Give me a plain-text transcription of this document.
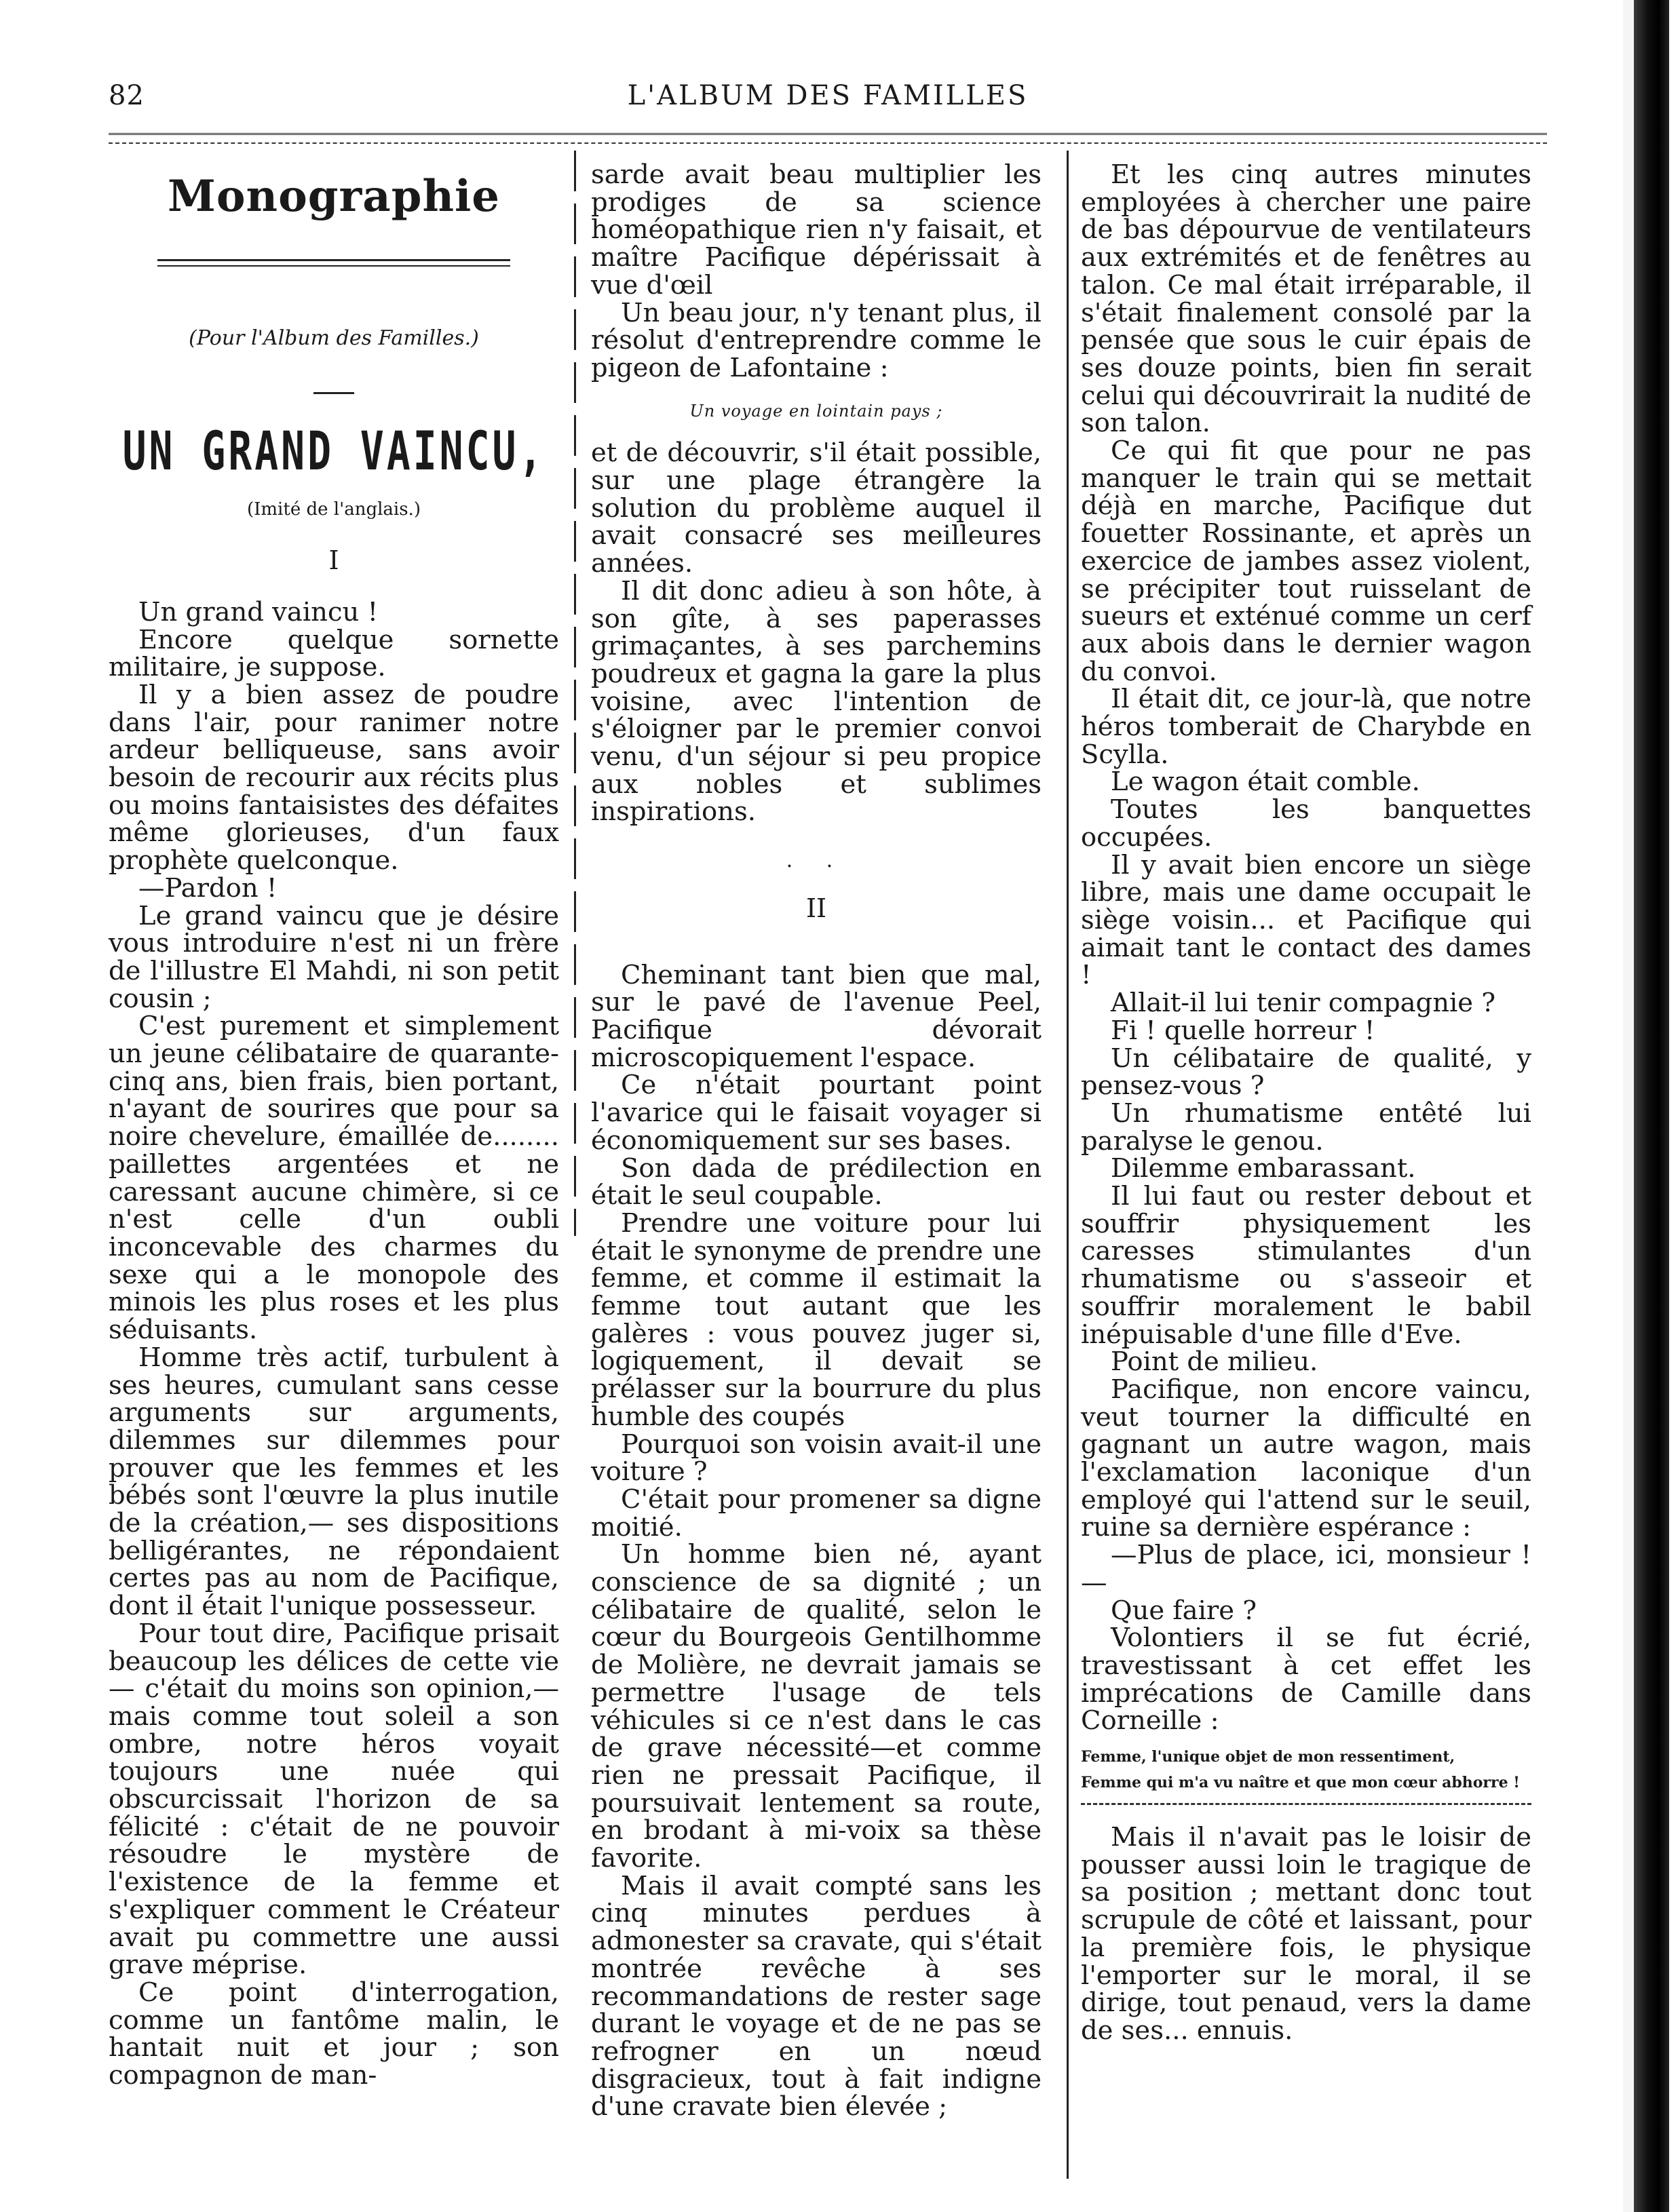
82	L'ALBUM DES FAMILLES
Monographie
(Pour l'Album des Familles.)
UN GRAND VAINCU,
(Imité de l'anglais.)
I

Un grand vaincu !

Encore quelque sornette militaire, je suppose.

Il y a bien assez de poudre dans l'air, pour ranimer notre ardeur belliqueuse, sans avoir besoin de recourir aux récits plus ou moins fantaisistes des défaites même glorieuses, d'un faux prophète quelconque.

—Pardon !

Le grand vaincu que je désire vous introduire n'est ni un frère de l'illustre El Mahdi, ni son petit cousin ;

C'est purement et simplement un jeune célibataire de quarante-cinq ans, bien frais, bien portant, n'ayant de sourires que pour sa noire chevelure, émaillée de........ paillettes argentées et ne caressant aucune chimère, si ce n'est celle d'un oubli inconcevable des charmes du sexe qui a le monopole des minois les plus roses et les plus séduisants.

Homme très actif, turbulent à ses heures, cumulant sans cesse arguments sur arguments, dilemmes sur dilemmes pour prouver que les femmes et les bébés sont l'œuvre la plus inutile de la création,— ses dispositions belligérantes, ne répondaient certes pas au nom de Pacifique, dont il était l'unique possesseur.

Pour tout dire, Pacifique prisait beaucoup les délices de cette vie— c'était du moins son opinion,—mais comme tout soleil a son ombre, notre héros voyait toujours une nuée qui obscurcissait l'horizon de sa félicité : c'était de ne pouvoir résoudre le mystère de l'existence de la femme et s'expliquer comment le Créateur avait pu commettre une aussi grave méprise.

Ce point d'interrogation, comme un fantôme malin, le hantait nuit et jour ; son compagnon de man-

sarde avait beau multiplier les prodiges de sa science homéopathique rien n'y faisait, et maître Pacifique dépérissait à vue d'œil

Un beau jour, n'y tenant plus, il résolut d'entreprendre comme le pigeon de Lafontaine :

Un voyage en lointain pays ;

et de découvrir, s'il était possible, sur une plage étrangère la solution du problème auquel il avait consacré ses meilleures années.

Il dit donc adieu à son hôte, à son gîte, à ses paperasses grimaçantes, à ses parchemins poudreux et gagna la gare la plus voisine, avec l'intention de s'éloigner par le premier convoi venu, d'un séjour si peu propice aux nobles et sublimes inspirations.

· ·
II

Cheminant tant bien que mal, sur le pavé de l'avenue Peel, Pacifique dévorait microscopiquement l'espace.

Ce n'était pourtant point l'avarice qui le faisait voyager si économiquement sur ses bases.

Son dada de prédilection en était le seul coupable.

Prendre une voiture pour lui était le synonyme de prendre une femme, et comme il estimait la femme tout autant que les galères : vous pouvez juger si, logiquement, il devait se prélasser sur la bourrure du plus humble des coupés

Pourquoi son voisin avait-il une voiture ?

C'était pour promener sa digne moitié.

Un homme bien né, ayant conscience de sa dignité ; un célibataire de qualité, selon le cœur du Bourgeois Gentilhomme de Molière, ne devrait jamais se permettre l'usage de tels véhicules si ce n'est dans le cas de grave nécessité—et comme rien ne pressait Pacifique, il poursuivait lentement sa route, en brodant à mi-voix sa thèse favorite.

Mais il avait compté sans les cinq minutes perdues à admonester sa cravate, qui s'était montrée revêche à ses recommandations de rester sage durant le voyage et de ne pas se refrogner en un nœud disgracieux, tout à fait indigne d'une cravate bien élevée ;

Et les cinq autres minutes employées à chercher une paire de bas dépourvue de ventilateurs aux extrémités et de fenêtres au talon. Ce mal était irréparable, il s'était finalement consolé par la pensée que sous le cuir épais de ses douze points, bien fin serait celui qui découvrirait la nudité de son talon.

Ce qui fit que pour ne pas manquer le train qui se mettait déjà en marche, Pacifique dut fouetter Rossinante, et après un exercice de jambes assez violent, se précipiter tout ruisselant de sueurs et exténué comme un cerf aux abois dans le dernier wagon du convoi.

Il était dit, ce jour-là, que notre héros tomberait de Charybde en Scylla.

Le wagon était comble.

Toutes les banquettes occupées.

Il y avait bien encore un siège libre, mais une dame occupait le siège voisin... et Pacifique qui aimait tant le contact des dames !

Allait-il lui tenir compagnie ?

Fi ! quelle horreur !

Un célibataire de qualité, y pensez-vous ?

Un rhumatisme entêté lui paralyse le genou.

Dilemme embarassant.

Il lui faut ou rester debout et souffrir physiquement les caresses stimulantes d'un rhumatisme ou s'asseoir et souffrir moralement le babil inépuisable d'une fille d'Eve.

Point de milieu.

Pacifique, non encore vaincu, veut tourner la difficulté en gagnant un autre wagon, mais l'exclamation laconique d'un employé qui l'attend sur le seuil, ruine sa dernière espérance :

—Plus de place, ici, monsieur !—

Que faire ?

Volontiers il se fut écrié, travestissant à cet effet les imprécations de Camille dans Corneille :

Femme, l'unique objet de mon ressentiment,
Femme qui m'a vu naître et que mon cœur abhorre !

Mais il n'avait pas le loisir de pousser aussi loin le tragique de sa position ; mettant donc tout scrupule de côté et laissant, pour la première fois, le physique l'emporter sur le moral, il se dirige, tout penaud, vers la dame de ses... ennuis.
